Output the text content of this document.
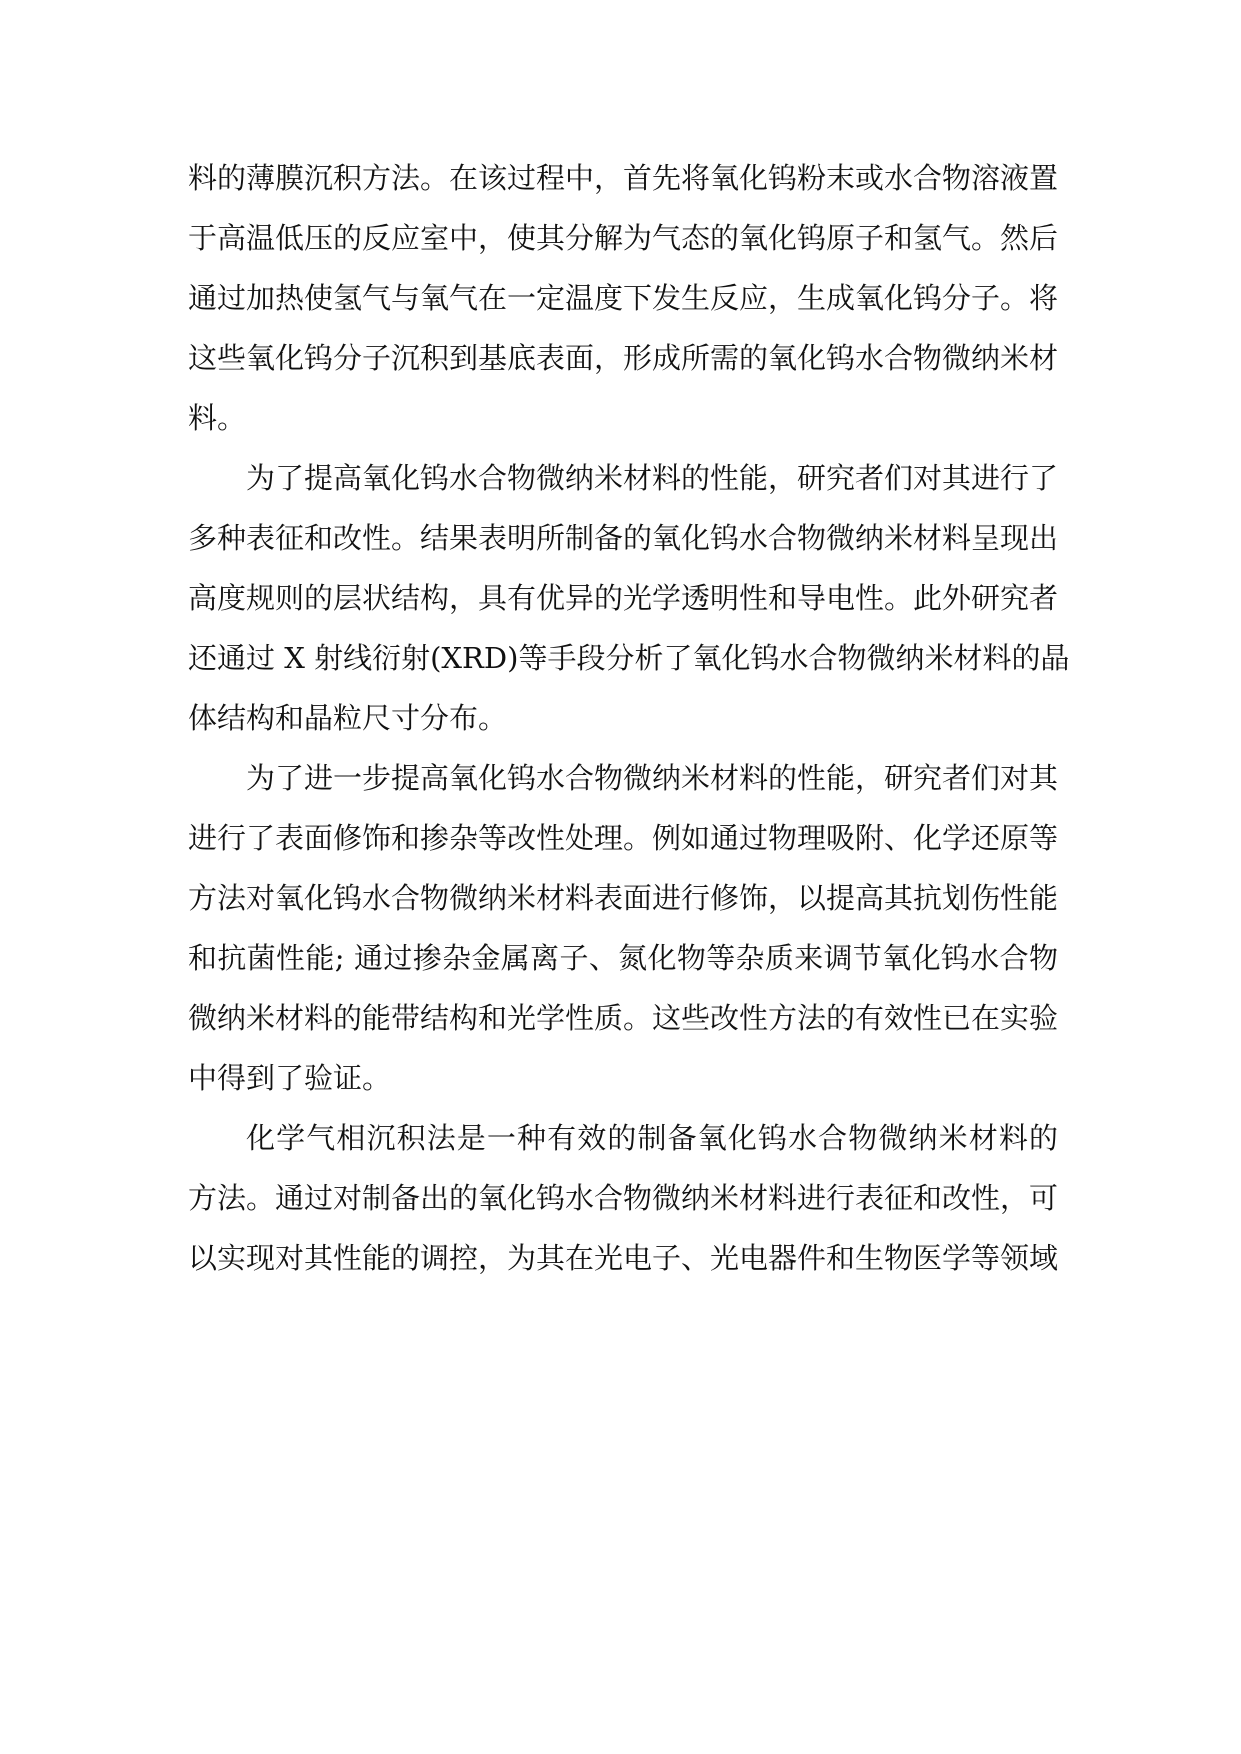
料的薄膜沉积方法。在该过程中，首先将氧化钨粉末或水合物溶液置
于高温低压的反应室中，使其分解为气态的氧化钨原子和氢气。然后
通过加热使氢气与氧气在一定温度下发生反应，生成氧化钨分子。将
这些氧化钨分子沉积到基底表面，形成所需的氧化钨水合物微纳米材
料。
为了提高氧化钨水合物微纳米材料的性能，研究者们对其进行了
多种表征和改性。结果表明所制备的氧化钨水合物微纳米材料呈现出
高度规则的层状结构，具有优异的光学透明性和导电性。此外研究者
还通过 X 射线衍射(XRD)等手段分析了氧化钨水合物微纳米材料的晶
体结构和晶粒尺寸分布。
为了进一步提高氧化钨水合物微纳米材料的性能，研究者们对其
进行了表面修饰和掺杂等改性处理。例如通过物理吸附、化学还原等
方法对氧化钨水合物微纳米材料表面进行修饰，以提高其抗划伤性能
和抗菌性能; 通过掺杂金属离子、氮化物等杂质来调节氧化钨水合物
微纳米材料的能带结构和光学性质。这些改性方法的有效性已在实验
中得到了验证。
化学气相沉积法是一种有效的制备氧化钨水合物微纳米材料的
方法。通过对制备出的氧化钨水合物微纳米材料进行表征和改性，可
以实现对其性能的调控，为其在光电子、光电器件和生物医学等领域
